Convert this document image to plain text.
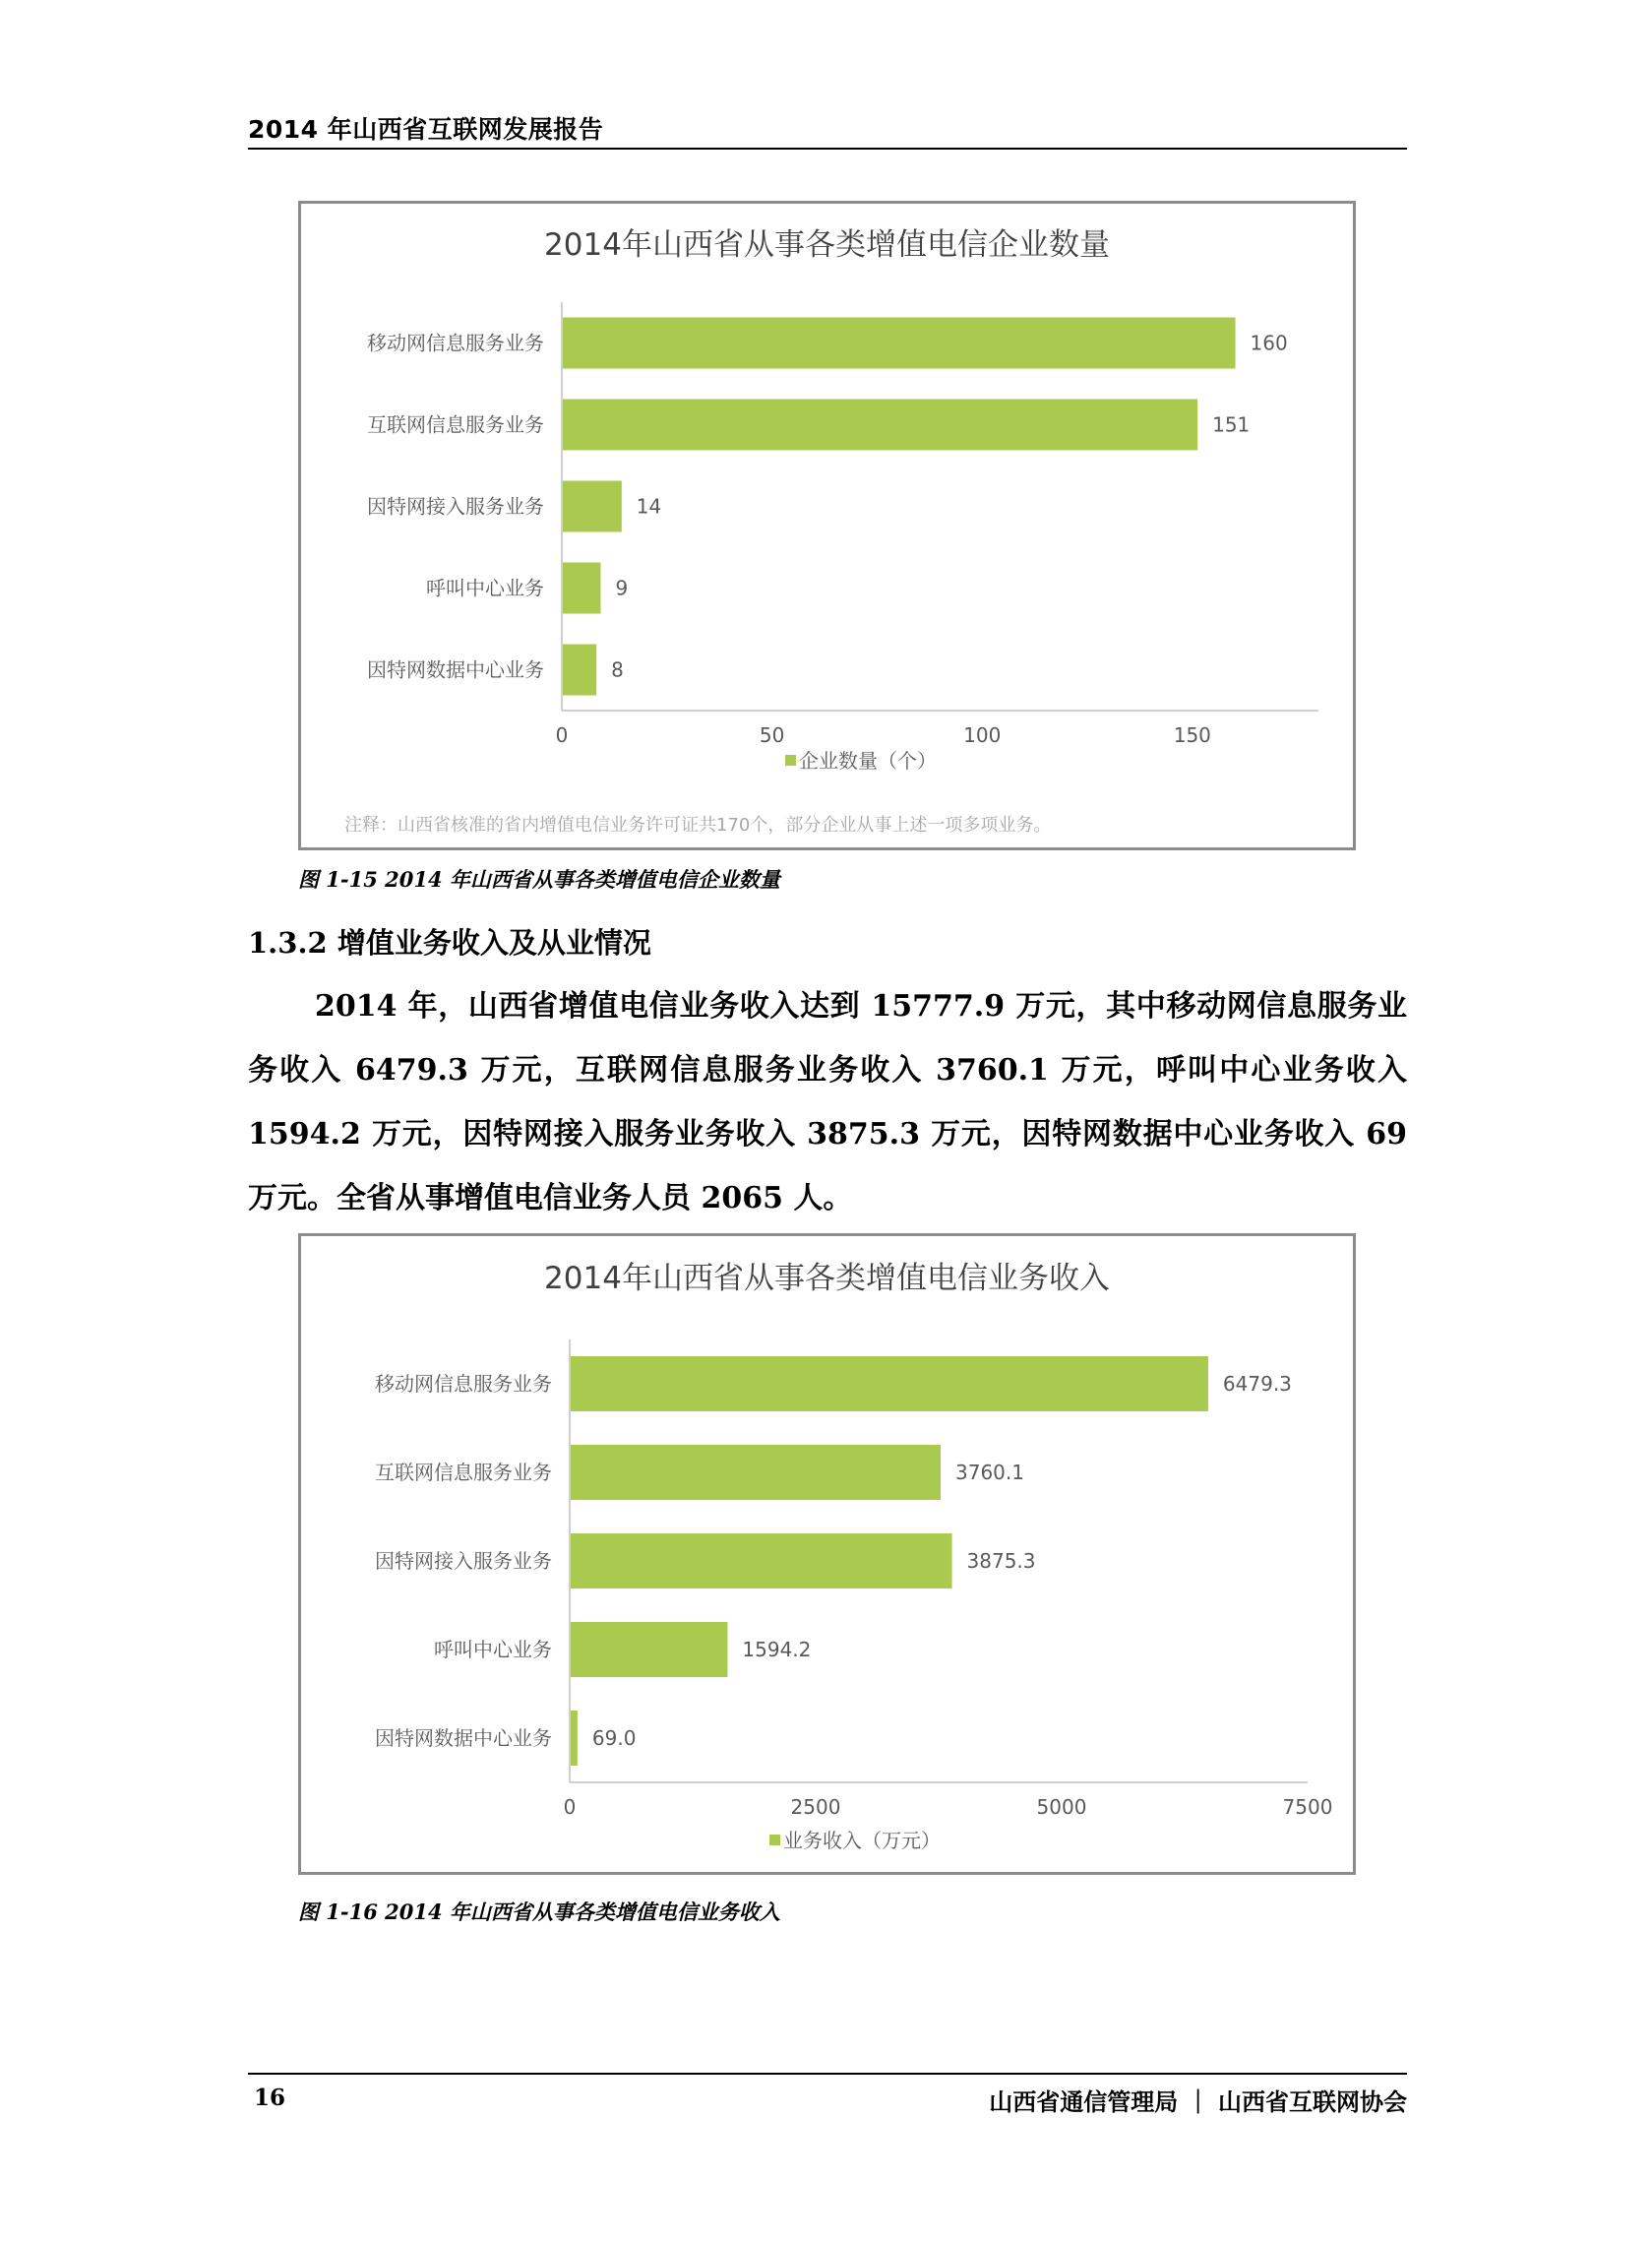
2014 年山西省互联网发展报告
2014年山西省从事各类增值电信企业数量
移动网信息服务业务	160
互联网信息服务业务	151
因特网接入服务业务	14
呼叫中心业务	9
因特网数据中心业务	8
0	50	100	150
企业数量（个）
注释：山西省核准的省内增值电信业务许可证共170个，部分企业从事上述一项多项业务。
图 1-15 2014 年山西省从事各类增值电信企业数量
1.3.2 增值业务收入及从业情况
2014 年，山西省增值电信业务收入达到 15777.9 万元，其中移动网信息服务业务收入 6479.3 万元，互联网信息服务业务收入 3760.1 万元，呼叫中心业务收入 1594.2 万元，因特网接入服务业务收入 3875.3 万元，因特网数据中心业务收入 69 万元。全省从事增值电信业务人员 2065 人。
2014年山西省从事各类增值电信业务收入
移动网信息服务业务	6479.3
互联网信息服务业务	3760.1
因特网接入服务业务	3875.3
呼叫中心业务	1594.2
因特网数据中心业务 69.0
0	2500	5000	7500
业务收入（万元）
图 1-16 2014 年山西省从事各类增值电信业务收入
16	山西省通信管理局 ｜ 山西省互联网协会
